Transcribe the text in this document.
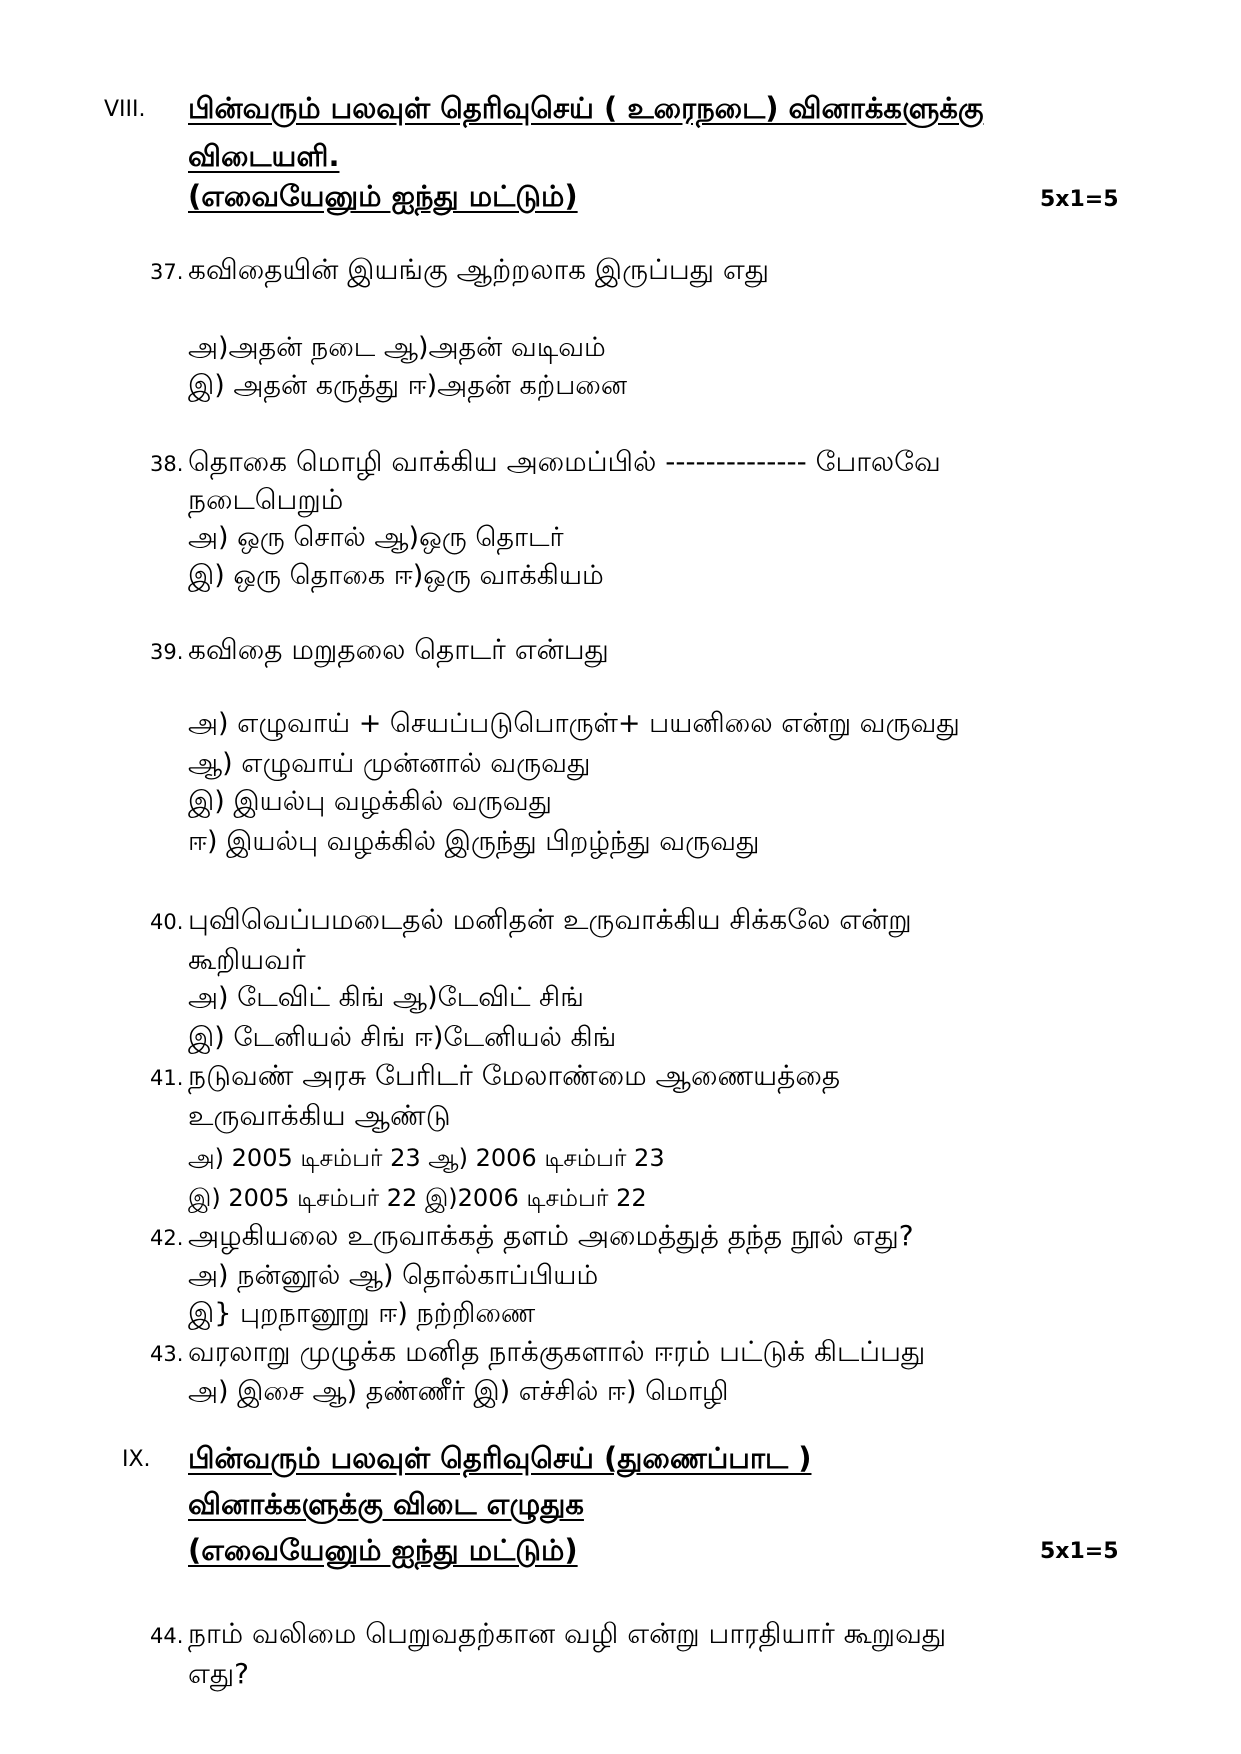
VIII. பின்வரும் பலவுள் தெரிவுசெய் ( உரைநடை) வினாக்களுக்கு
விடையளி.
(எவையேனும் ஐந்து மட்டும்)	5x1=5
37. கவிதையின் இயங்கு ஆற்றலாக இருப்பது எது
அ)அதன் நடை ஆ)அதன் வடிவம்
இ) அதன் கருத்து ஈ)அதன் கற்பனை
38. தொகை மொழி வாக்கிய அமைப்பில் -------------- போலவே
நடைபெறும்
அ) ஒரு சொல் ஆ)ஒரு தொடர்
இ) ஒரு தொகை ஈ)ஒரு வாக்கியம்
39. கவிதை மறுதலை தொடர் என்பது
அ) எழுவாய் + செயப்படுபொருள்+ பயனிலை என்று வருவது
ஆ) எழுவாய் முன்னால் வருவது
இ) இயல்பு வழக்கில் வருவது
ஈ) இயல்பு வழக்கில் இருந்து பிறழ்ந்து வருவது
40. புவிவெப்பமடைதல் மனிதன் உருவாக்கிய சிக்கலே என்று
கூறியவர்
அ) டேவிட் கிங் ஆ)டேவிட் சிங்
இ) டேனியல் சிங் ஈ)டேனியல் கிங்
41. நடுவண் அரசு பேரிடர் மேலாண்மை ஆணையத்தை
உருவாக்கிய ஆண்டு
அ) 2005 டிசம்பர் 23 ஆ) 2006 டிசம்பர் 23
இ) 2005 டிசம்பர் 22 இ)2006 டிசம்பர் 22
42. அழகியலை உருவாக்கத் தளம் அமைத்துத் தந்த நூல் எது?
அ) நன்னூல் ஆ) தொல்காப்பியம்
இ} புறநானூறு ஈ) நற்றிணை
43. வரலாறு முழுக்க மனித நாக்குகளால் ஈரம் பட்டுக் கிடப்பது
அ) இசை ஆ) தண்ணீர் இ) எச்சில் ஈ) மொழி
IX. பின்வரும் பலவுள் தெரிவுசெய் (துணைப்பாட )
வினாக்களுக்கு விடை எழுதுக
(எவையேனும் ஐந்து மட்டும்)	5x1=5
44. நாம் வலிமை பெறுவதற்கான வழி என்று பாரதியார் கூறுவது
எது?
